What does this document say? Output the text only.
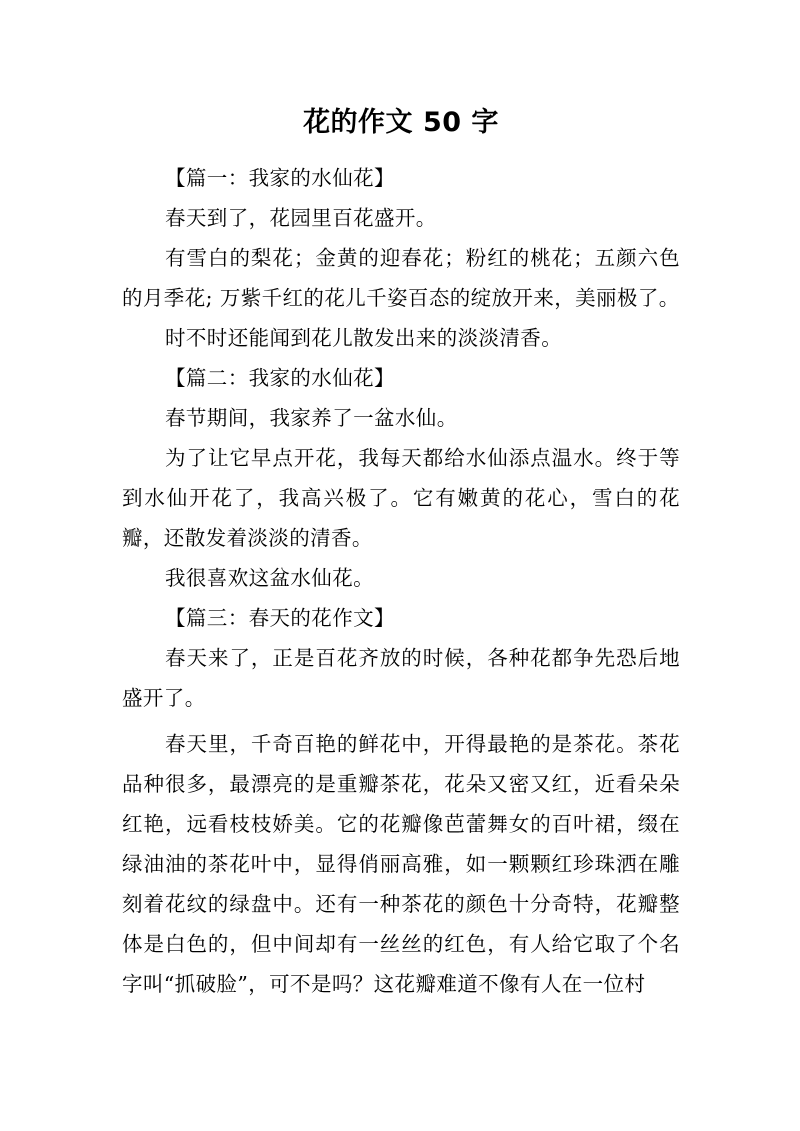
花的作文 50 字

【篇一：我家的水仙花】

春天到了，花园里百花盛开。

有雪白的梨花；金黄的迎春花；粉红的桃花；五颜六色的月季花; 万紫千红的花儿千姿百态的绽放开来，美丽极了。

时不时还能闻到花儿散发出来的淡淡清香。

【篇二：我家的水仙花】

春节期间，我家养了一盆水仙。

为了让它早点开花，我每天都给水仙添点温水。终于等到水仙开花了，我高兴极了。它有嫩黄的花心，雪白的花瓣，还散发着淡淡的清香。

我很喜欢这盆水仙花。

【篇三：春天的花作文】

春天来了，正是百花齐放的时候，各种花都争先恐后地盛开了。

春天里，千奇百艳的鲜花中，开得最艳的是茶花。茶花品种很多，最漂亮的是重瓣茶花，花朵又密又红，近看朵朵红艳，远看枝枝娇美。它的花瓣像芭蕾舞女的百叶裙，缀在绿油油的茶花叶中，显得俏丽高雅，如一颗颗红珍珠洒在雕刻着花纹的绿盘中。还有一种茶花的颜色十分奇特，花瓣整体是白色的，但中间却有一丝丝的红色，有人给它取了个名字叫“抓破脸”，可不是吗？这花瓣难道不像有人在一位村
